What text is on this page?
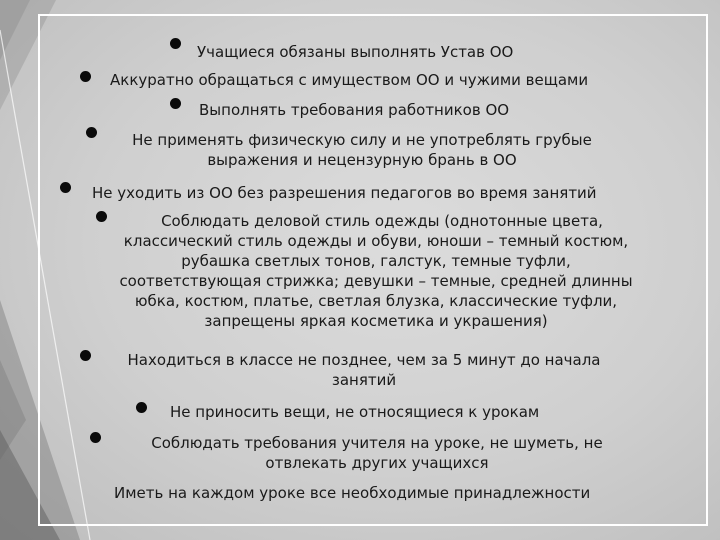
Учащиеся обязаны выполнять Устав ОО
Аккуратно обращаться с имуществом ОО и чужими вещами
Выполнять требования работников ОО
Не применять физическую силу и не употреблять грубые
выражения и нецензурную брань в ОО
Не уходить из ОО без разрешения педагогов во время занятий
Соблюдать деловой стиль одежды (однотонные цвета,
классический стиль одежды и обуви, юноши – темный костюм,
рубашка светлых тонов, галстук, темные туфли,
соответствующая стрижка; девушки – темные, средней длинны
юбка, костюм, платье, светлая блузка, классические туфли,
запрещены яркая косметика и украшения)
Находиться в классе не позднее, чем за 5 минут до начала
занятий
Не приносить вещи, не относящиеся к урокам
Соблюдать требования учителя на уроке, не шуметь, не
отвлекать других учащихся
Иметь на каждом уроке все необходимые принадлежности
